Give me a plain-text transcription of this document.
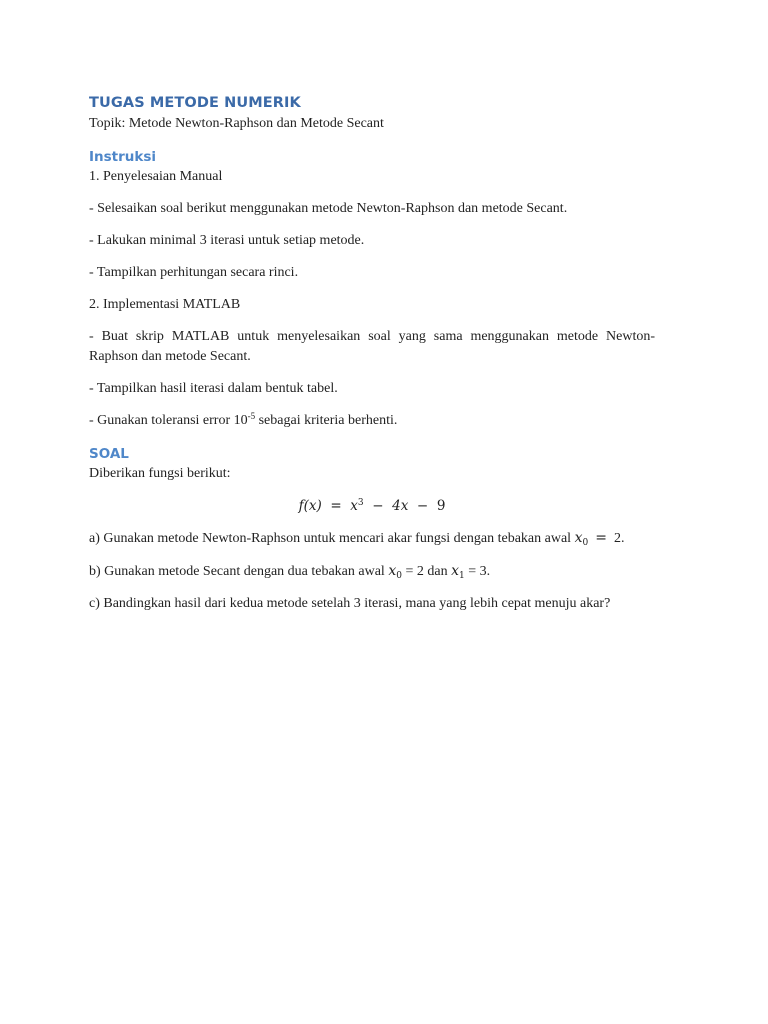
TUGAS METODE NUMERIK

Topik: Metode Newton-Raphson dan Metode Secant

Instruksi

1. Penyelesaian Manual

- Selesaikan soal berikut menggunakan metode Newton-Raphson dan metode Secant.

- Lakukan minimal 3 iterasi untuk setiap metode.

- Tampilkan perhitungan secara rinci.

2. Implementasi MATLAB

- Buat skrip MATLAB untuk menyelesaikan soal yang sama menggunakan metode Newton-Raphson dan metode Secant.

- Tampilkan hasil iterasi dalam bentuk tabel.

- Gunakan toleransi error $10^{-5}$ sebagai kriteria berhenti.

SOAL

Diberikan fungsi berikut:

$f(x) = x^3 - 4x - 9$

a) Gunakan metode Newton-Raphson untuk mencari akar fungsi dengan tebakan awal $x_0 = 2$.

b) Gunakan metode Secant dengan dua tebakan awal $x_0 = 2$ dan $x_1 = 3$.

c) Bandingkan hasil dari kedua metode setelah 3 iterasi, mana yang lebih cepat menuju akar?
